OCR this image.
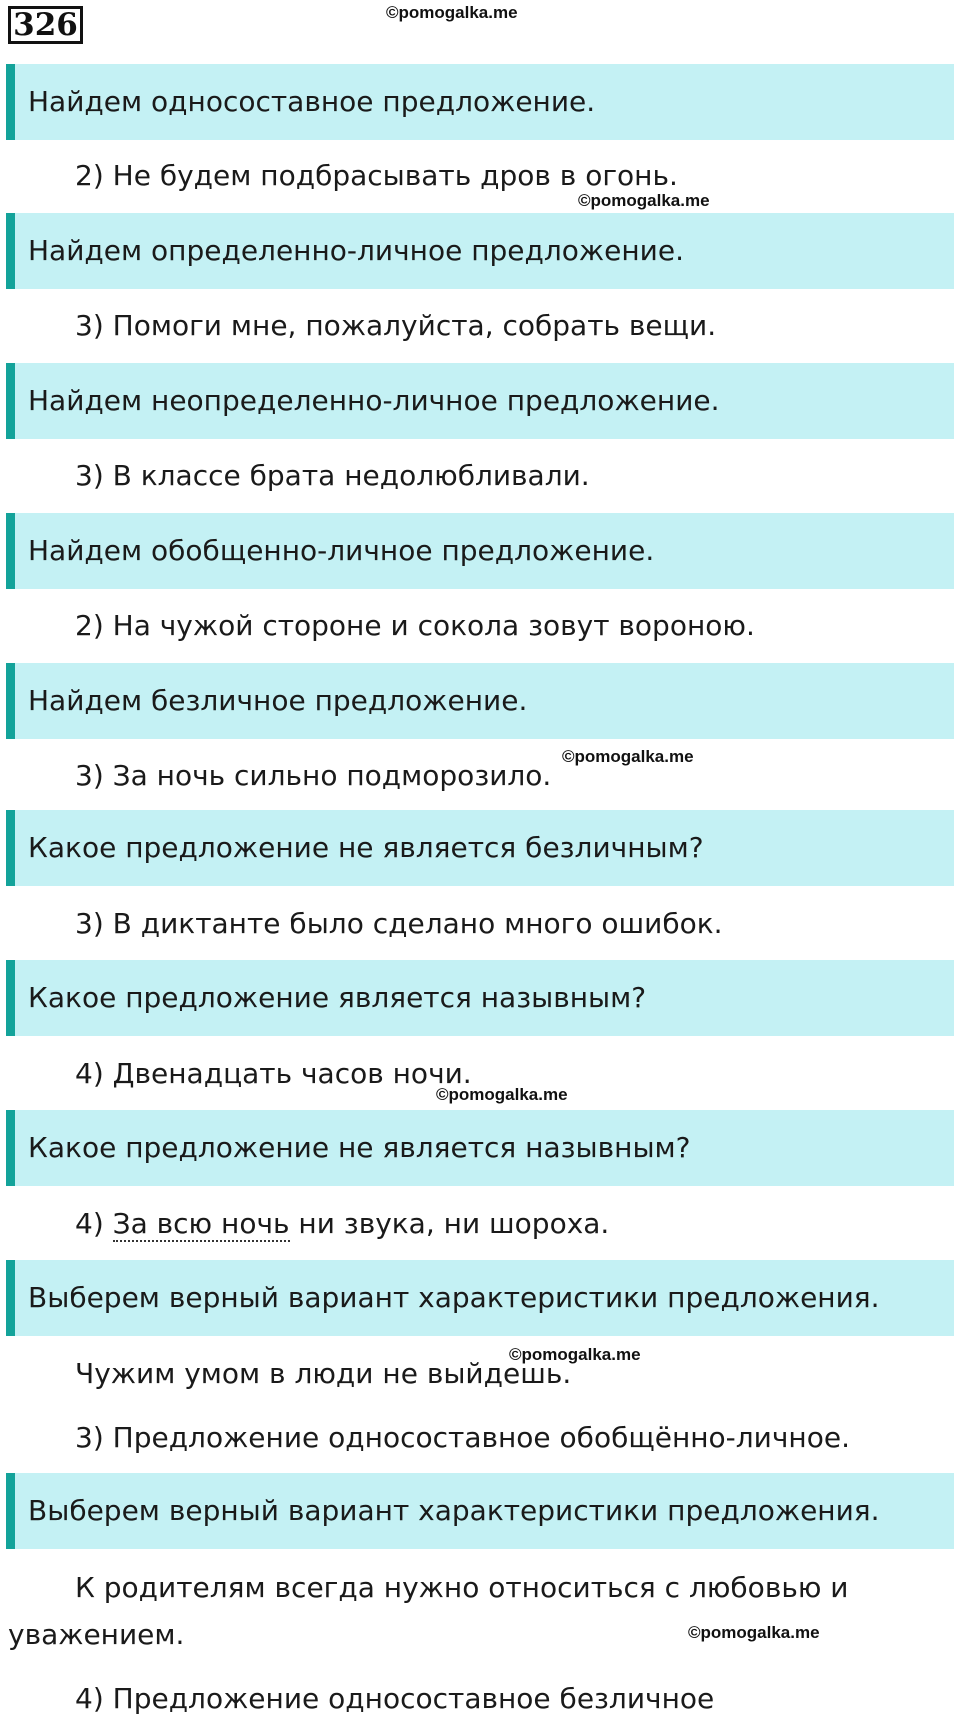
326	©pomogalka.me
Найдем односоставное предложение.
2) Не будем подбрасывать дров в огонь.
©pomogalka.me
Найдем определенно-личное предложение.
3) Помоги мне, пожалуйста, собрать вещи.
Найдем неопределенно-личное предложение.
3) В классе брата недолюбливали.
Найдем обобщенно-личное предложение.
2) На чужой стороне и сокола зовут вороною.
Найдем безличное предложение.
3) За ночь сильно подморозило.
©pomogalka.me
Какое предложение не является безличным?
3) В диктанте было сделано много ошибок.
Какое предложение является назывным?
4) Двенадцать часов ночи.
©pomogalka.me
Какое предложение не является назывным?
4) За всю ночь ни звука, ни шороха.
Выберем верный вариант характеристики предложения.
Чужим умом в люди не выйдешь.
©pomogalka.me
3) Предложение односоставное обобщённо-личное.
Выберем верный вариант характеристики предложения.
К родителям всегда нужно относиться с любовью и уважением.	©pomogalka.me
4) Предложение односоставное безличное
